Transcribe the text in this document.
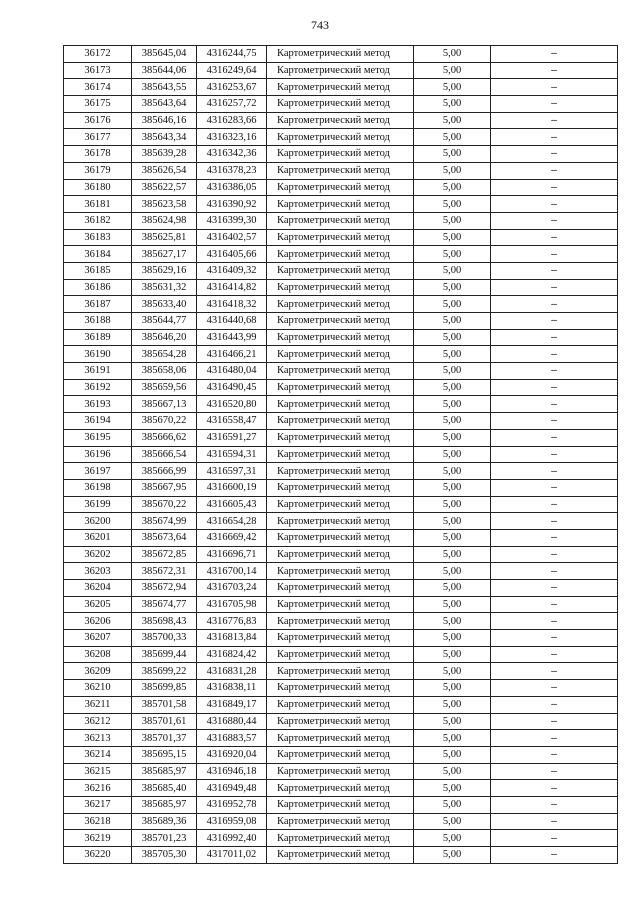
743
36172	385645,04	4316244,75	Картометрический метод	5,00	–
36173	385644,06	4316249,64	Картометрический метод	5,00	–
36174	385643,55	4316253,67	Картометрический метод	5,00	–
36175	385643,64	4316257,72	Картометрический метод	5,00	–
36176	385646,16	4316283,66	Картометрический метод	5,00	–
36177	385643,34	4316323,16	Картометрический метод	5,00	–
36178	385639,28	4316342,36	Картометрический метод	5,00	–
36179	385626,54	4316378,23	Картометрический метод	5,00	–
36180	385622,57	4316386,05	Картометрический метод	5,00	–
36181	385623,58	4316390,92	Картометрический метод	5,00	–
36182	385624,98	4316399,30	Картометрический метод	5,00	–
36183	385625,81	4316402,57	Картометрический метод	5,00	–
36184	385627,17	4316405,66	Картометрический метод	5,00	–
36185	385629,16	4316409,32	Картометрический метод	5,00	–
36186	385631,32	4316414,82	Картометрический метод	5,00	–
36187	385633,40	4316418,32	Картометрический метод	5,00	–
36188	385644,77	4316440,68	Картометрический метод	5,00	–
36189	385646,20	4316443,99	Картометрический метод	5,00	–
36190	385654,28	4316466,21	Картометрический метод	5,00	–
36191	385658,06	4316480,04	Картометрический метод	5,00	–
36192	385659,56	4316490,45	Картометрический метод	5,00	–
36193	385667,13	4316520,80	Картометрический метод	5,00	–
36194	385670,22	4316558,47	Картометрический метод	5,00	–
36195	385666,62	4316591,27	Картометрический метод	5,00	–
36196	385666,54	4316594,31	Картометрический метод	5,00	–
36197	385666,99	4316597,31	Картометрический метод	5,00	–
36198	385667,95	4316600,19	Картометрический метод	5,00	–
36199	385670,22	4316605,43	Картометрический метод	5,00	–
36200	385674,99	4316654,28	Картометрический метод	5,00	–
36201	385673,64	4316669,42	Картометрический метод	5,00	–
36202	385672,85	4316696,71	Картометрический метод	5,00	–
36203	385672,31	4316700,14	Картометрический метод	5,00	–
36204	385672,94	4316703,24	Картометрический метод	5,00	–
36205	385674,77	4316705,98	Картометрический метод	5,00	–
36206	385698,43	4316776,83	Картометрический метод	5,00	–
36207	385700,33	4316813,84	Картометрический метод	5,00	–
36208	385699,44	4316824,42	Картометрический метод	5,00	–
36209	385699,22	4316831,28	Картометрический метод	5,00	–
36210	385699,85	4316838,11	Картометрический метод	5,00	–
36211	385701,58	4316849,17	Картометрический метод	5,00	–
36212	385701,61	4316880,44	Картометрический метод	5,00	–
36213	385701,37	4316883,57	Картометрический метод	5,00	–
36214	385695,15	4316920,04	Картометрический метод	5,00	–
36215	385685,97	4316946,18	Картометрический метод	5,00	–
36216	385685,40	4316949,48	Картометрический метод	5,00	–
36217	385685,97	4316952,78	Картометрический метод	5,00	–
36218	385689,36	4316959,08	Картометрический метод	5,00	–
36219	385701,23	4316992,40	Картометрический метод	5,00	–
36220	385705,30	4317011,02	Картометрический метод	5,00	–
